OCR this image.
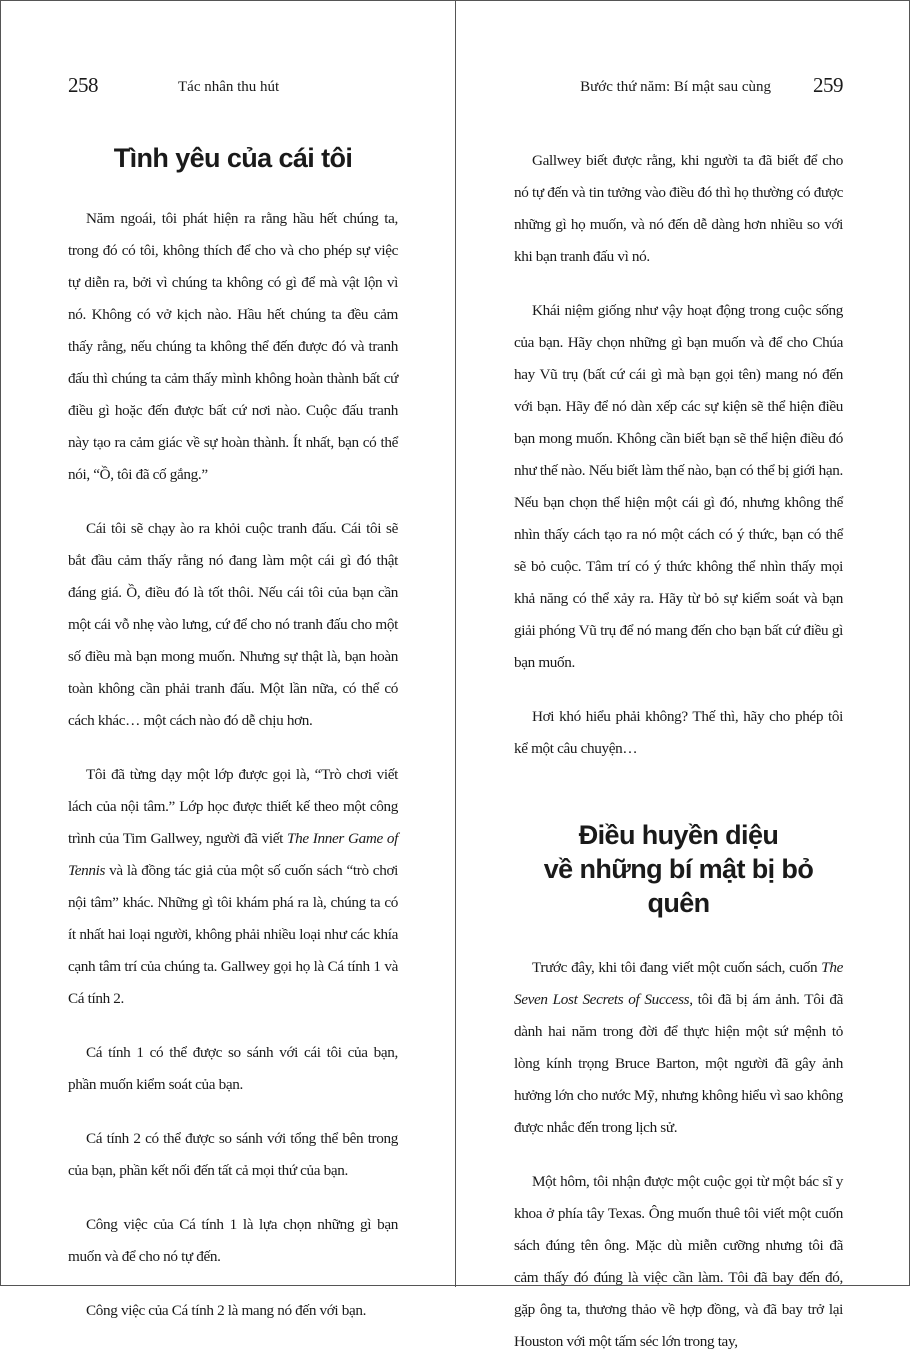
258	Tác nhân thu hút
Tình yêu của cái tôi

Năm ngoái, tôi phát hiện ra rằng hầu hết chúng ta, trong đó có tôi, không thích để cho và cho phép sự việc tự diễn ra, bởi vì chúng ta không có gì để mà vật lộn vì nó. Không có vở kịch nào. Hầu hết chúng ta đều cảm thấy rằng, nếu chúng ta không thể đến được đó và tranh đấu thì chúng ta cảm thấy mình không hoàn thành bất cứ điều gì hoặc đến được bất cứ nơi nào. Cuộc đấu tranh này tạo ra cảm giác về sự hoàn thành. Ít nhất, bạn có thể nói, “Ồ, tôi đã cố gắng.”

Cái tôi sẽ chạy ào ra khỏi cuộc tranh đấu. Cái tôi sẽ bắt đầu cảm thấy rằng nó đang làm một cái gì đó thật đáng giá. Ồ, điều đó là tốt thôi. Nếu cái tôi của bạn cần một cái vỗ nhẹ vào lưng, cứ để cho nó tranh đấu cho một số điều mà bạn mong muốn. Nhưng sự thật là, bạn hoàn toàn không cần phải tranh đấu. Một lần nữa, có thể có cách khác… một cách nào đó dễ chịu hơn.

Tôi đã từng dạy một lớp được gọi là, “Trò chơi viết lách của nội tâm.” Lớp học được thiết kế theo một công trình của Tim Gallwey, người đã viết The Inner Game of Tennis và là đồng tác giả của một số cuốn sách “trò chơi nội tâm” khác. Những gì tôi khám phá ra là, chúng ta có ít nhất hai loại người, không phải nhiều loại như các khía cạnh tâm trí của chúng ta. Gallwey gọi họ là Cá tính 1 và Cá tính 2.

Cá tính 1 có thể được so sánh với cái tôi của bạn, phần muốn kiểm soát của bạn.

Cá tính 2 có thể được so sánh với tổng thể bên trong của bạn, phần kết nối đến tất cả mọi thứ của bạn.

Công việc của Cá tính 1 là lựa chọn những gì bạn muốn và để cho nó tự đến.

Công việc của Cá tính 2 là mang nó đến với bạn.

Bước thứ năm: Bí mật sau cùng 259

Gallwey biết được rằng, khi người ta đã biết để cho nó tự đến và tin tưởng vào điều đó thì họ thường có được những gì họ muốn, và nó đến dễ dàng hơn nhiều so với khi bạn tranh đấu vì nó.

Khái niệm giống như vậy hoạt động trong cuộc sống của bạn. Hãy chọn những gì bạn muốn và để cho Chúa hay Vũ trụ (bất cứ cái gì mà bạn gọi tên) mang nó đến với bạn. Hãy để nó dàn xếp các sự kiện sẽ thể hiện điều bạn mong muốn. Không cần biết bạn sẽ thể hiện điều đó như thế nào. Nếu biết làm thế nào, bạn có thể bị giới hạn. Nếu bạn chọn thể hiện một cái gì đó, nhưng không thể nhìn thấy cách tạo ra nó một cách có ý thức, bạn có thể sẽ bỏ cuộc. Tâm trí có ý thức không thể nhìn thấy mọi khả năng có thể xảy ra. Hãy từ bỏ sự kiểm soát và bạn giải phóng Vũ trụ để nó mang đến cho bạn bất cứ điều gì bạn muốn.

Hơi khó hiểu phải không? Thế thì, hãy cho phép tôi kể một câu chuyện…

Điều huyền diệu
về những bí mật bị bỏ quên

Trước đây, khi tôi đang viết một cuốn sách, cuốn The Seven Lost Secrets of Success, tôi đã bị ám ảnh. Tôi đã dành hai năm trong đời để thực hiện một sứ mệnh tỏ lòng kính trọng Bruce Barton, một người đã gây ảnh hưởng lớn cho nước Mỹ, nhưng không hiểu vì sao không được nhắc đến trong lịch sử.

Một hôm, tôi nhận được một cuộc gọi từ một bác sĩ y khoa ở phía tây Texas. Ông muốn thuê tôi viết một cuốn sách đúng tên ông. Mặc dù miễn cưỡng nhưng tôi đã cảm thấy đó đúng là việc cần làm. Tôi đã bay đến đó, gặp ông ta, thương thảo về hợp đồng, và đã bay trở lại Houston với một tấm séc lớn trong tay,
